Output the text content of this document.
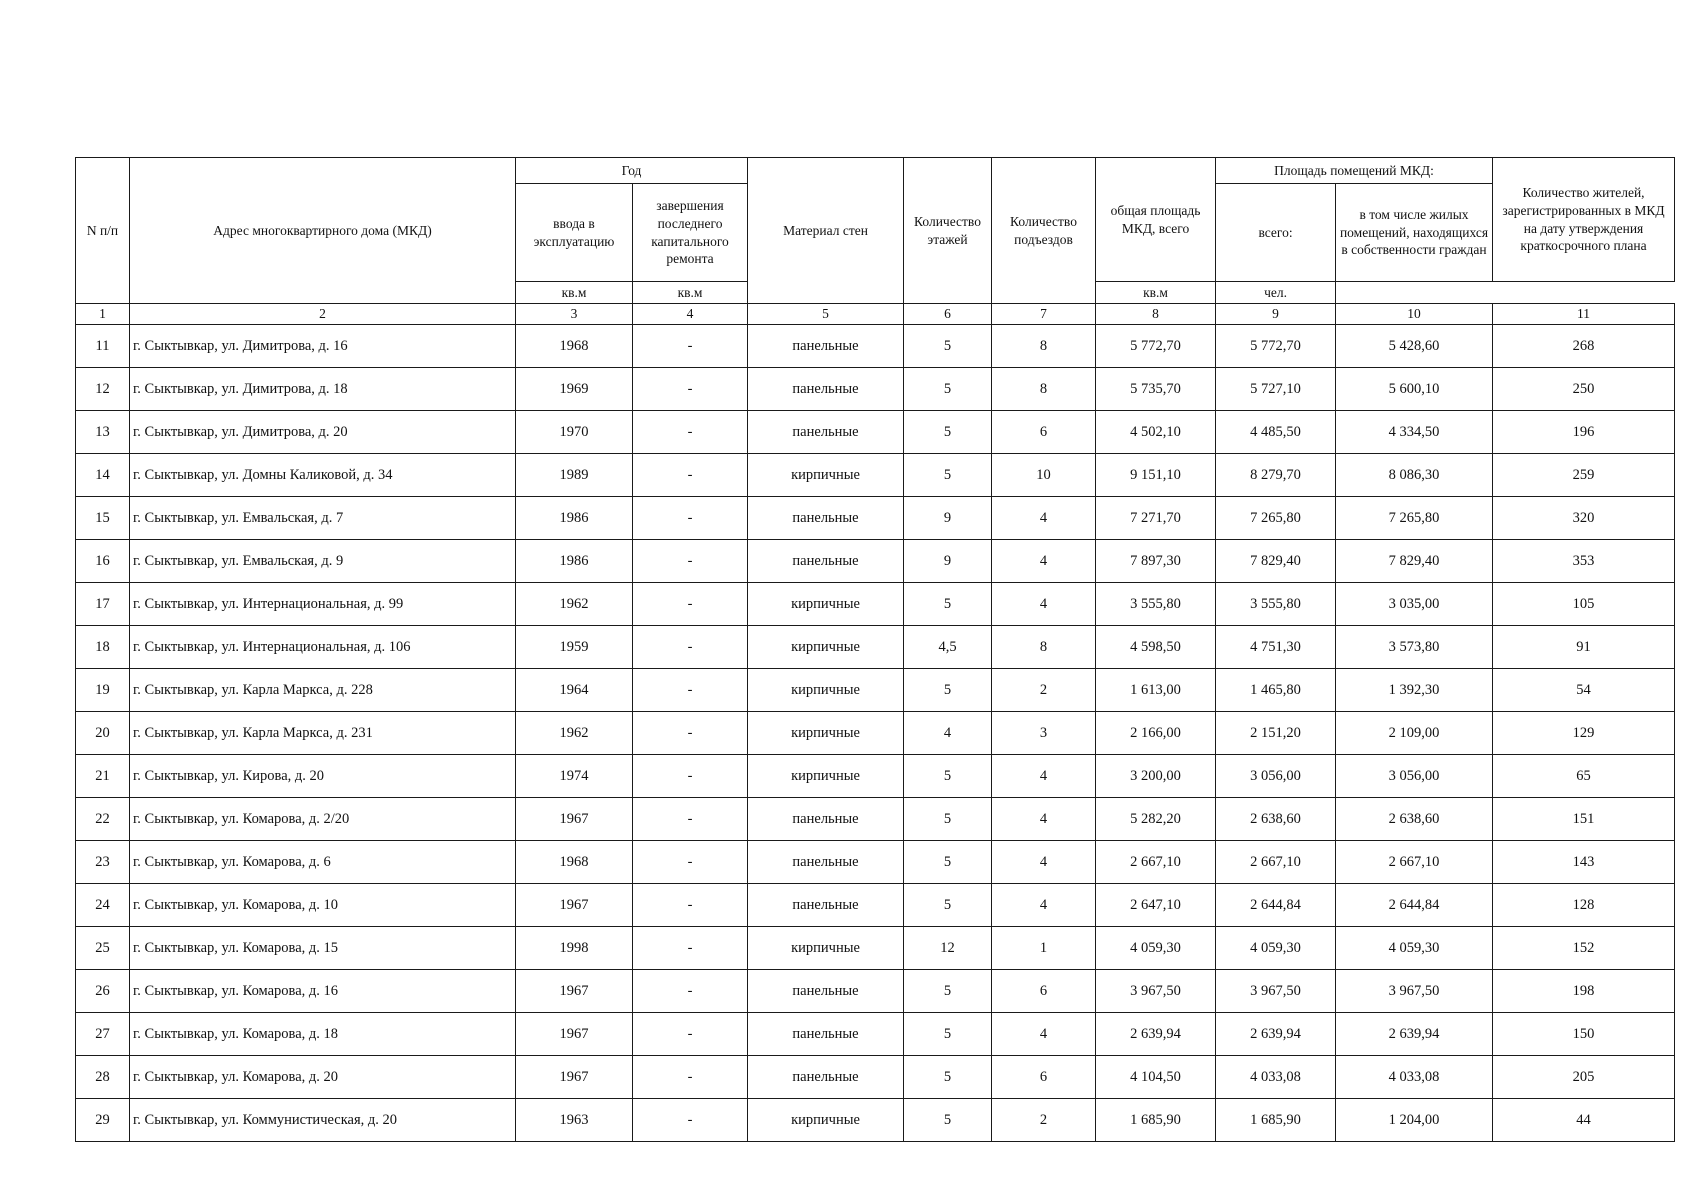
N п/п	Адрес многоквартирного дома (МКД)	Год		Материал стен	Количество этажей	Количество подъездов	общая площадь МКД, всего	Площадь помещений МКД:		Количество жителей, зарегистрированных в МКД на дату утверждения краткосрочного плана
		ввода в эксплуатацию	завершения последнего капитального ремонта					всего:	в том числе жилых помещений, находящихся в собственности граждан	
		кв.м	кв.м				кв.м	чел.		
1	2	3	4	5	6	7	8	9	10	11
11	г. Сыктывкар, ул. Димитрова, д. 16	1968	-	панельные	5	8	5 772,70	5 772,70	5 428,60	268
12	г. Сыктывкар, ул. Димитрова, д. 18	1969	-	панельные	5	8	5 735,70	5 727,10	5 600,10	250
13	г. Сыктывкар, ул. Димитрова, д. 20	1970	-	панельные	5	6	4 502,10	4 485,50	4 334,50	196
14	г. Сыктывкар, ул. Домны Каликовой, д. 34	1989	-	кирпичные	5	10	9 151,10	8 279,70	8 086,30	259
15	г. Сыктывкар, ул. Емвальская, д. 7	1986	-	панельные	9	4	7 271,70	7 265,80	7 265,80	320
16	г. Сыктывкар, ул. Емвальская, д. 9	1986	-	панельные	9	4	7 897,30	7 829,40	7 829,40	353
17	г. Сыктывкар, ул. Интернациональная, д. 99	1962	-	кирпичные	5	4	3 555,80	3 555,80	3 035,00	105
18	г. Сыктывкар, ул. Интернациональная, д. 106	1959	-	кирпичные	4,5	8	4 598,50	4 751,30	3 573,80	91
19	г. Сыктывкар, ул. Карла Маркса, д. 228	1964	-	кирпичные	5	2	1 613,00	1 465,80	1 392,30	54
20	г. Сыктывкар, ул. Карла Маркса, д. 231	1962	-	кирпичные	4	3	2 166,00	2 151,20	2 109,00	129
21	г. Сыктывкар, ул. Кирова, д. 20	1974	-	кирпичные	5	4	3 200,00	3 056,00	3 056,00	65
22	г. Сыктывкар, ул. Комарова, д. 2/20	1967	-	панельные	5	4	5 282,20	2 638,60	2 638,60	151
23	г. Сыктывкар, ул. Комарова, д. 6	1968	-	панельные	5	4	2 667,10	2 667,10	2 667,10	143
24	г. Сыктывкар, ул. Комарова, д. 10	1967	-	панельные	5	4	2 647,10	2 644,84	2 644,84	128
25	г. Сыктывкар, ул. Комарова, д. 15	1998	-	кирпичные	12	1	4 059,30	4 059,30	4 059,30	152
26	г. Сыктывкар, ул. Комарова, д. 16	1967	-	панельные	5	6	3 967,50	3 967,50	3 967,50	198
27	г. Сыктывкар, ул. Комарова, д. 18	1967	-	панельные	5	4	2 639,94	2 639,94	2 639,94	150
28	г. Сыктывкар, ул. Комарова, д. 20	1967	-	панельные	5	6	4 104,50	4 033,08	4 033,08	205
29	г. Сыктывкар, ул. Коммунистическая, д. 20	1963	-	кирпичные	5	2	1 685,90	1 685,90	1 204,00	44
